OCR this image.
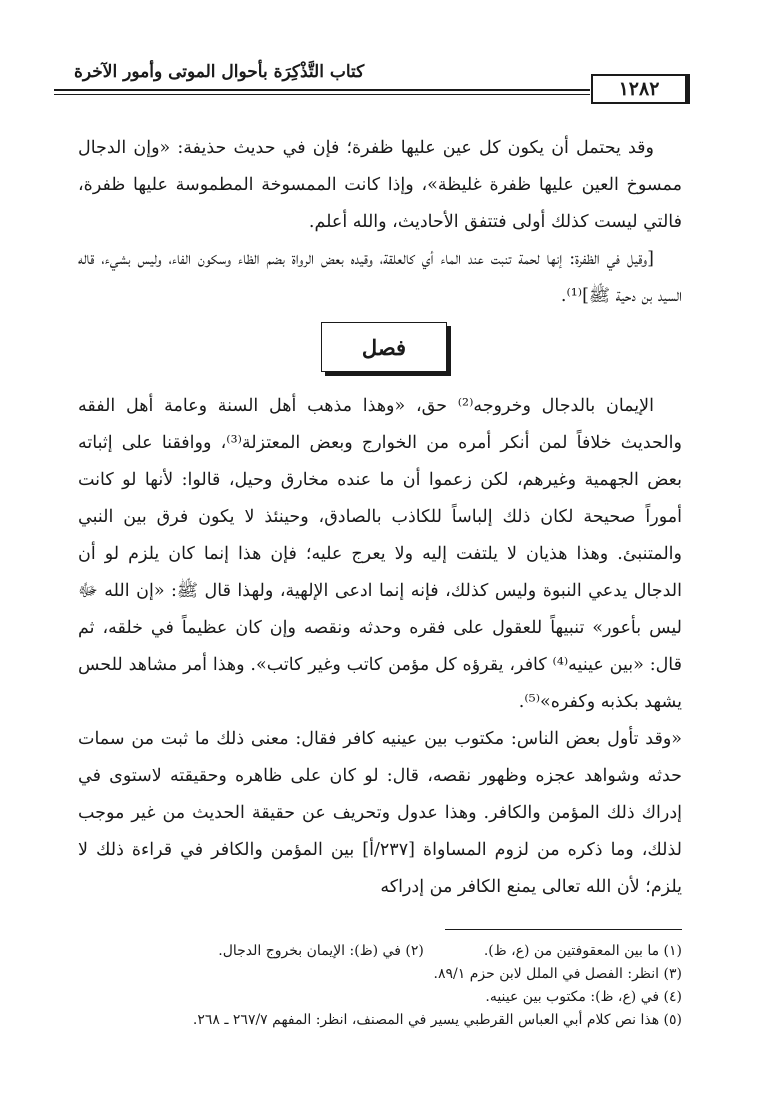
كتاب التَّذْكِرَة بأحوال الموتى وأمور الآخرة
١٢٨٢

وقد يحتمل أن يكون كل عين عليها ظفرة؛ فإن في حديث حذيفة: «وإن الدجال ممسوخ العين عليها ظفرة غليظة»، وإذا كانت الممسوخة المطموسة عليها ظفرة، فالتي ليست كذلك أولى فتتفق الأحاديث، والله أعلم.

[وقيل في الظفرة: إنها لحمة تنبت عند الماء أي كالعلقة، وقيده بعض الرواة بضم الظاء وسكون الفاء، وليس بشيء، قاله السيد بن دحية ﷺ]⁽¹⁾.

فصل

الإيمان بالدجال وخروجه⁽²⁾ حق، «وهذا مذهب أهل السنة وعامة أهل الفقه والحديث خلافاً لمن أنكر أمره من الخوارج وبعض المعتزلة⁽³⁾، ووافقنا على إثباته بعض الجهمية وغيرهم، لكن زعموا أن ما عنده مخارق وحيل، قالوا: لأنها لو كانت أموراً صحيحة لكان ذلك إلباساً للكاذب بالصادق، وحينئذ لا يكون فرق بين النبي والمتنبئ. وهذا هذيان لا يلتفت إليه ولا يعرج عليه؛ فإن هذا إنما كان يلزم لو أن الدجال يدعي النبوة وليس كذلك، فإنه إنما ادعى الإلهية، ولهذا قال ﷺ: «إن الله ﷻ ليس بأعور» تنبيهاً للعقول على فقره وحدثه ونقصه وإن كان عظيماً في خلقه، ثم قال: «بين عينيه⁽⁴⁾ كافر، يقرؤه كل مؤمن كاتب وغير كاتب». وهذا أمر مشاهد للحس يشهد بكذبه وكفره»⁽⁵⁾.

«وقد تأول بعض الناس: مكتوب بين عينيه كافر فقال: معنى ذلك ما ثبت من سمات حدثه وشواهد عجزه وظهور نقصه، قال: لو كان على ظاهره وحقيقته لاستوى في إدراك ذلك المؤمن والكافر. وهذا عدول وتحريف عن حقيقة الحديث من غير موجب لذلك، وما ذكره من لزوم المساواة [٢٣٧/أ] بين المؤمن والكافر في قراءة ذلك لا يلزم؛ لأن الله تعالى يمنع الكافر من إدراكه

(١) ما بين المعقوفتين من (ع، ظ).
(٢) في (ظ): الإيمان بخروج الدجال.
(٣) انظر: الفصل في الملل لابن حزم ٨٩/١.
(٤) في (ع، ظ): مكتوب بين عينيه.
(٥) هذا نص كلام أبي العباس القرطبي يسير في المصنف، انظر: المفهم ٢٦٧/٧ ـ ٢٦٨.
